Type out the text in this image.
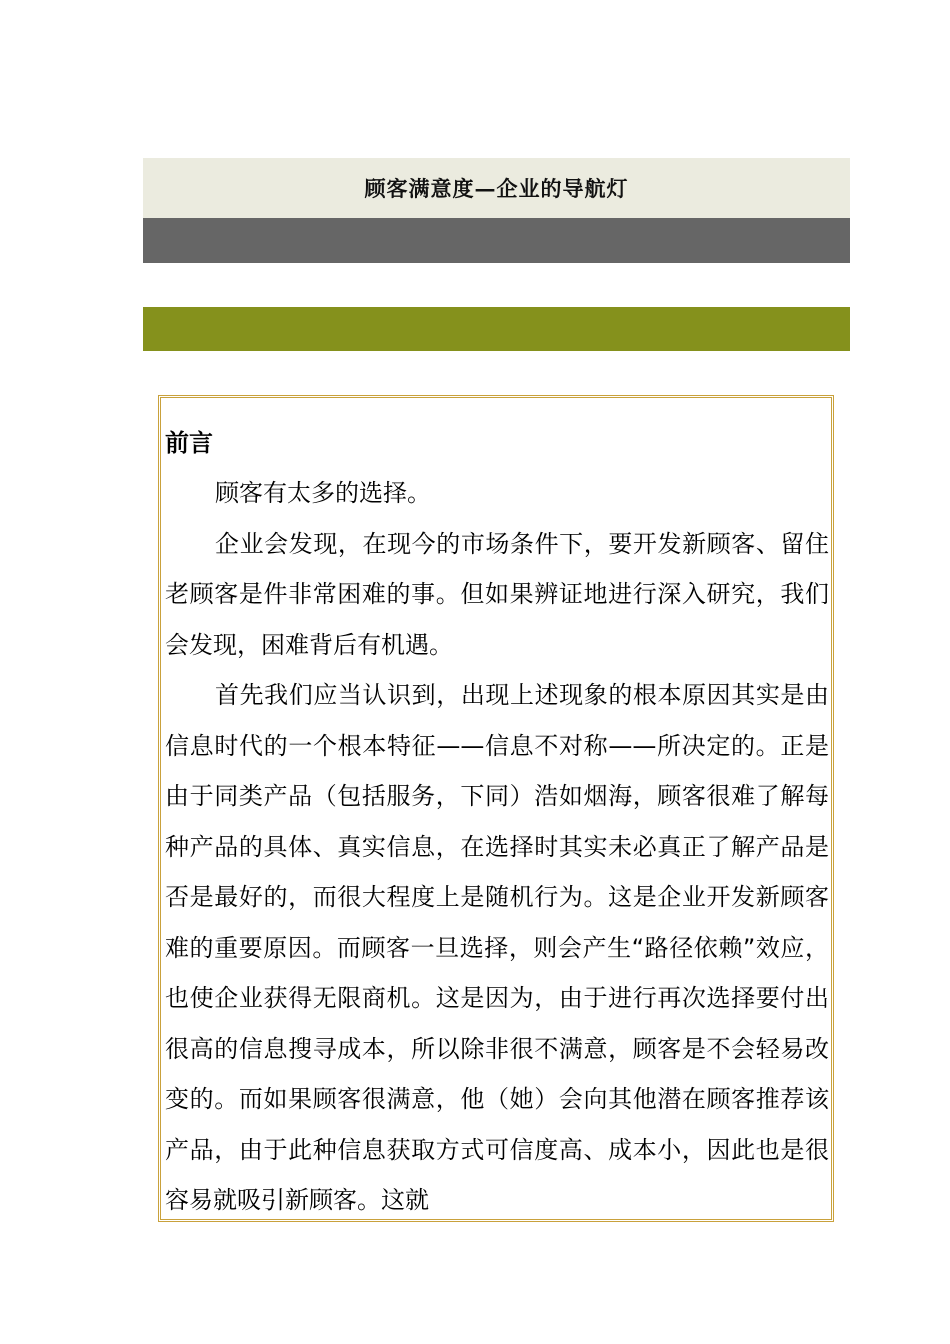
顾客满意度—企业的导航灯

前言

顾客有太多的选择。

企业会发现，在现今的市场条件下，要开发新顾客、留住老顾客是件非常困难的事。但如果辨证地进行深入研究，我们会发现，困难背后有机遇。

首先我们应当认识到，出现上述现象的根本原因其实是由信息时代的一个根本特征——信息不对称——所决定的。正是由于同类产品（包括服务，下同）浩如烟海，顾客很难了解每种产品的具体、真实信息，在选择时其实未必真正了解产品是否是最好的，而很大程度上是随机行为。这是企业开发新顾客难的重要原因。而顾客一旦选择，则会产生“路径依赖”效应，也使企业获得无限商机。这是因为，由于进行再次选择要付出很高的信息搜寻成本，所以除非很不满意，顾客是不会轻易改变的。而如果顾客很满意，他（她）会向其他潜在顾客推荐该产品，由于此种信息获取方式可信度高、成本小，因此也是很容易就吸引新顾客。这就
